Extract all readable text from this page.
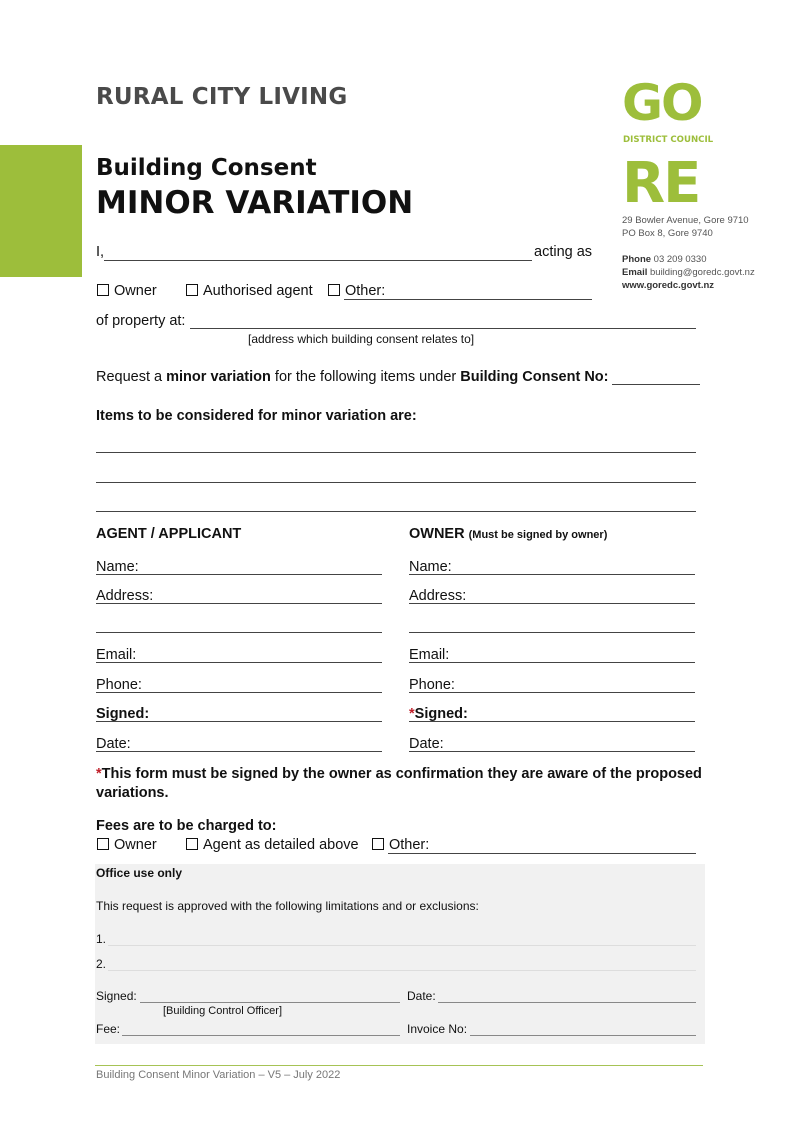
RURAL CITY LIVING
Building Consent
MINOR VARIATION
GO
DISTRICT COUNCIL
RE
29 Bowler Avenue, Gore 9710
PO Box 8, Gore 9740
Phone 03 209 0330
Email building@goredc.govt.nz
www.goredc.govt.nz
I,	acting as
Owner	Authorised agent	Other:
of property at:
[address which building consent relates to]
Request a minor variation for the following items under Building Consent No:
Items to be considered for minor variation are:
AGENT / APPLICANT
Name:
Address:
Email:
Phone:
Signed:
Date:
OWNER (Must be signed by owner)
Name:
Address:
Email:
Phone:
*Signed:
Date:
*This form must be signed by the owner as confirmation they are aware of the proposed
variations.
Fees are to be charged to:
Owner	Agent as detailed above	Other:
Office use only
This request is approved with the following limitations and or exclusions:
1.
2.
Signed:	Date:
[Building Control Officer]
Fee:	Invoice No:
Building Consent Minor Variation – V5 – July 2022
